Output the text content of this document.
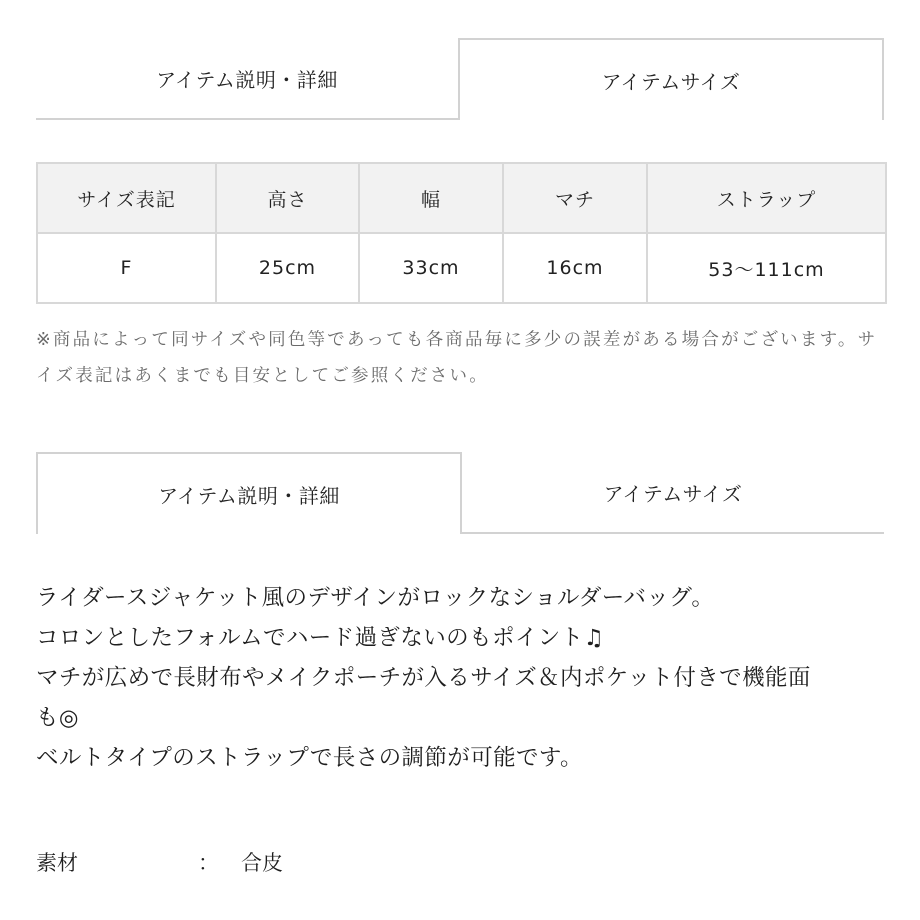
アイテム説明・詳細	アイテムサイズ
サイズ表記	高さ	幅	マチ	ストラップ
F	25cm	33cm	16cm	53〜111cm

※商品によって同サイズや同色等であっても各商品毎に多少の誤差がある場合がございます。サイズ表記はあくまでも目安としてご参照ください。

アイテム説明・詳細	アイテムサイズ
ライダースジャケット風のデザインがロックなショルダーバッグ。
コロンとしたフォルムでハード過ぎないのもポイント♫
マチが広めで長財布やメイクポーチが入るサイズ＆内ポケット付きで機能面
も◎
ベルトタイプのストラップで長さの調節が可能です。
素材	： 合皮
